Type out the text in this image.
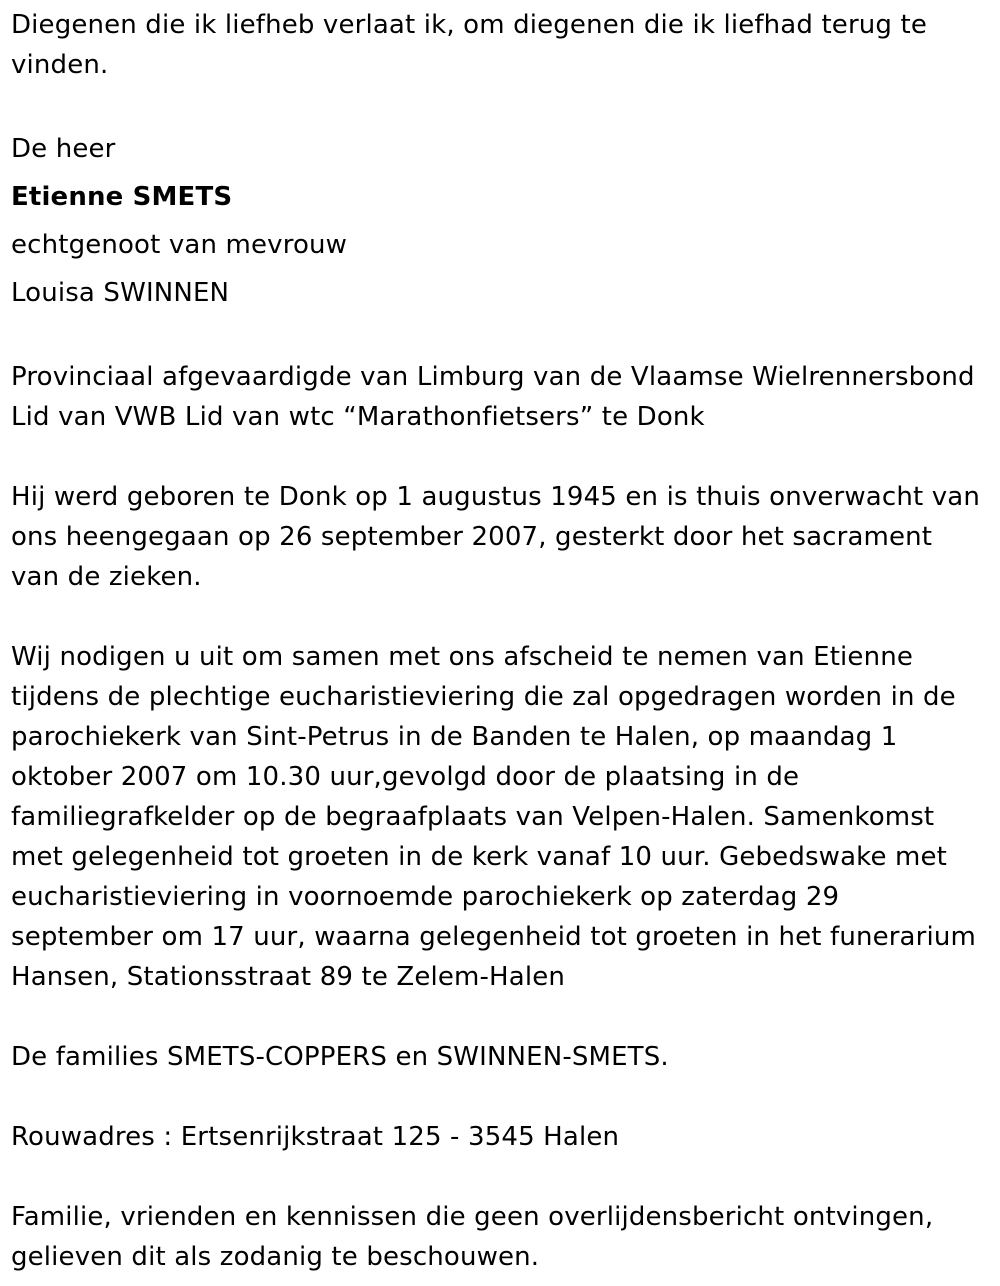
Diegenen die ik liefheb verlaat ik, om diegenen die ik liefhad terug te vinden.

De heer

Etienne SMETS

echtgenoot van mevrouw

Louisa SWINNEN

Provinciaal afgevaardigde van Limburg van de Vlaamse Wielrennersbond

Lid van VWB Lid van wtc “Marathonfietsers” te Donk

Hij werd geboren te Donk op 1 augustus 1945 en is thuis onverwacht van ons heengegaan op 26 september 2007, gesterkt door het sacrament van de zieken.

Wij nodigen u uit om samen met ons afscheid te nemen van Etienne tijdens de plechtige eucharistieviering die zal opgedragen worden in de parochiekerk van Sint-Petrus in de Banden te Halen, op maandag 1 oktober 2007 om 10.30 uur,gevolgd door de plaatsing in de familiegrafkelder op de begraafplaats van Velpen-Halen. Samenkomst met gelegenheid tot groeten in de kerk vanaf 10 uur. Gebedswake met eucharistieviering in voornoemde parochiekerk op zaterdag 29 september om 17 uur, waarna gelegenheid tot groeten in het funerarium Hansen, Stationsstraat 89 te Zelem-Halen

De families SMETS-COPPERS en SWINNEN-SMETS.

Rouwadres : Ertsenrijkstraat 125 - 3545 Halen

Familie, vrienden en kennissen die geen overlijdensbericht ontvingen, gelieven dit als zodanig te beschouwen.
